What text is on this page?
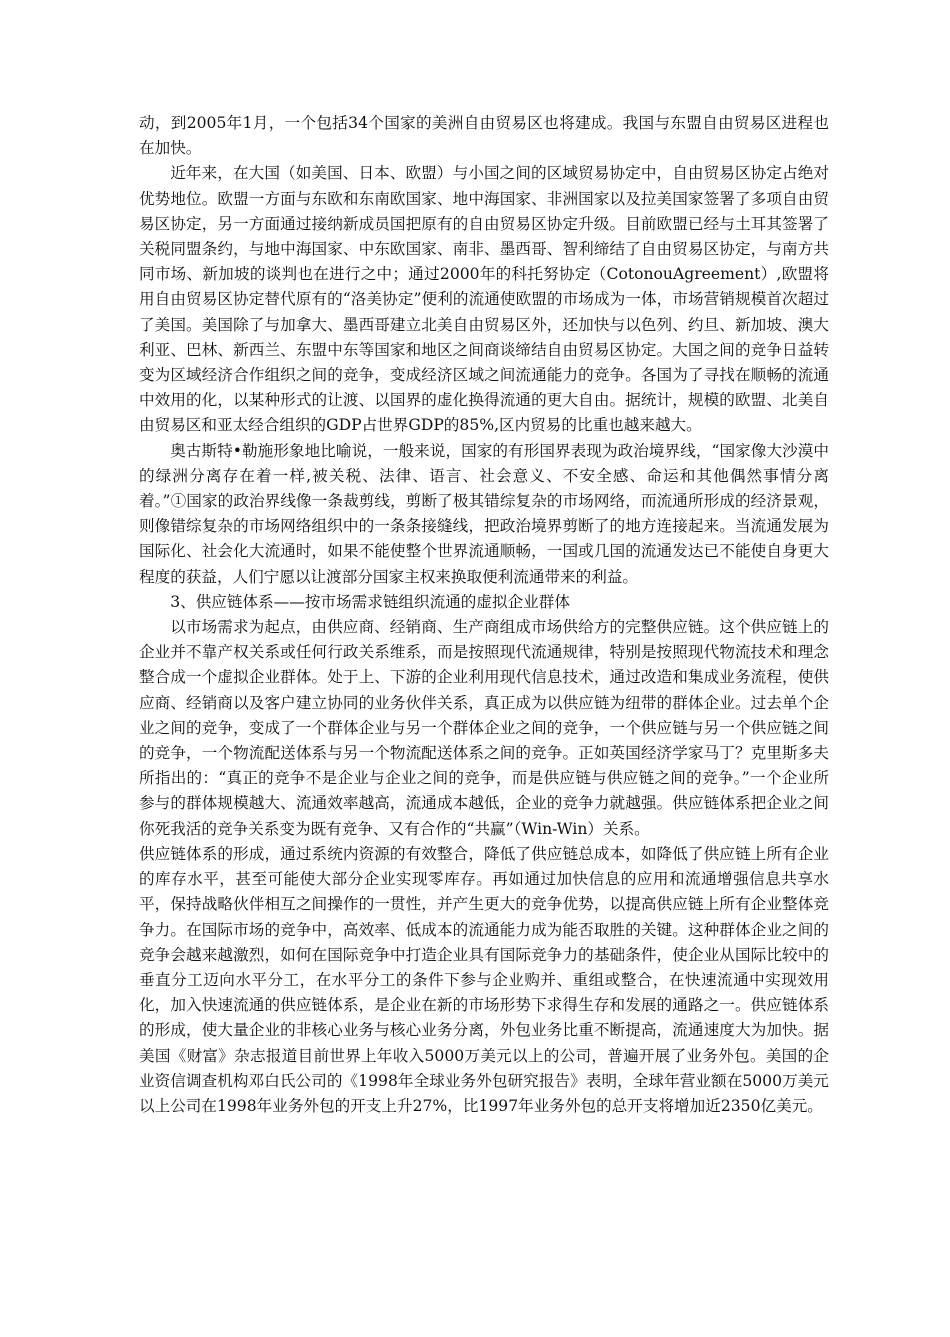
动，到2005年1月，一个包括34个国家的美洲自由贸易区也将建成。我国与东盟自由贸易区进程也在加快。

近年来，在大国（如美国、日本、欧盟）与小国之间的区域贸易协定中，自由贸易区协定占绝对优势地位。欧盟一方面与东欧和东南欧国家、地中海国家、非洲国家以及拉美国家签署了多项自由贸易区协定，另一方面通过接纳新成员国把原有的自由贸易区协定升级。目前欧盟已经与土耳其签署了关税同盟条约，与地中海国家、中东欧国家、南非、墨西哥、智利缔结了自由贸易区协定，与南方共同市场、新加坡的谈判也在进行之中；通过2000年的科托努协定（CotonouAgreement）,欧盟将用自由贸易区协定替代原有的“洛美协定”便利的流通使欧盟的市场成为一体，市场营销规模首次超过了美国。美国除了与加拿大、墨西哥建立北美自由贸易区外，还加快与以色列、约旦、新加坡、澳大利亚、巴林、新西兰、东盟中东等国家和地区之间商谈缔结自由贸易区协定。大国之间的竞争日益转变为区域经济合作组织之间的竞争，变成经济区域之间流通能力的竞争。各国为了寻找在顺畅的流通中效用的化，以某种形式的让渡、以国界的虚化换得流通的更大自由。据统计，规模的欧盟、北美自由贸易区和亚太经合组织的GDP占世界GDP的85%,区内贸易的比重也越来越大。

奥古斯特•勒施形象地比喻说，一般来说，国家的有形国界表现为政治境界线，“国家像大沙漠中的绿洲分离存在着一样,被关税、法律、语言、社会意义、不安全感、命运和其他偶然事情分离着。”①国家的政治界线像一条裁剪线，剪断了极其错综复杂的市场网络，而流通所形成的经济景观，则像错综复杂的市场网络组织中的一条条接缝线，把政治境界剪断了的地方连接起来。当流通发展为国际化、社会化大流通时，如果不能使整个世界流通顺畅，一国或几国的流通发达已不能使自身更大程度的获益，人们宁愿以让渡部分国家主权来换取便利流通带来的利益。

3、供应链体系——按市场需求链组织流通的虚拟企业群体

以市场需求为起点，由供应商、经销商、生产商组成市场供给方的完整供应链。这个供应链上的企业并不靠产权关系或任何行政关系维系，而是按照现代流通规律，特别是按照现代物流技术和理念整合成一个虚拟企业群体。处于上、下游的企业利用现代信息技术，通过改造和集成业务流程，使供应商、经销商以及客户建立协同的业务伙伴关系，真正成为以供应链为纽带的群体企业。过去单个企业之间的竞争，变成了一个群体企业与另一个群体企业之间的竞争，一个供应链与另一个供应链之间的竞争，一个物流配送体系与另一个物流配送体系之间的竞争。正如英国经济学家马丁？克里斯多夫所指出的：“真正的竞争不是企业与企业之间的竞争，而是供应链与供应链之间的竞争。”一个企业所参与的群体规模越大、流通效率越高，流通成本越低，企业的竞争力就越强。供应链体系把企业之间你死我活的竞争关系变为既有竞争、又有合作的“共赢”（Win-Win）关系。

供应链体系的形成，通过系统内资源的有效整合，降低了供应链总成本，如降低了供应链上所有企业的库存水平，甚至可能使大部分企业实现零库存。再如通过加快信息的应用和流通增强信息共享水平，保持战略伙伴相互之间操作的一贯性，并产生更大的竞争优势，以提高供应链上所有企业整体竞争力。在国际市场的竞争中，高效率、低成本的流通能力成为能否取胜的关键。这种群体企业之间的竞争会越来越激烈，如何在国际竞争中打造企业具有国际竞争力的基础条件，使企业从国际比较中的垂直分工迈向水平分工，在水平分工的条件下参与企业购并、重组或整合，在快速流通中实现效用化，加入快速流通的供应链体系，是企业在新的市场形势下求得生存和发展的通路之一。供应链体系的形成，使大量企业的非核心业务与核心业务分离，外包业务比重不断提高，流通速度大为加快。据美国《财富》杂志报道目前世界上年收入5000万美元以上的公司，普遍开展了业务外包。美国的企业资信调查机构邓白氏公司的《1998年全球业务外包研究报告》表明，全球年营业额在5000万美元以上公司在1998年业务外包的开支上升27%，比1997年业务外包的总开支将增加近2350亿美元。
